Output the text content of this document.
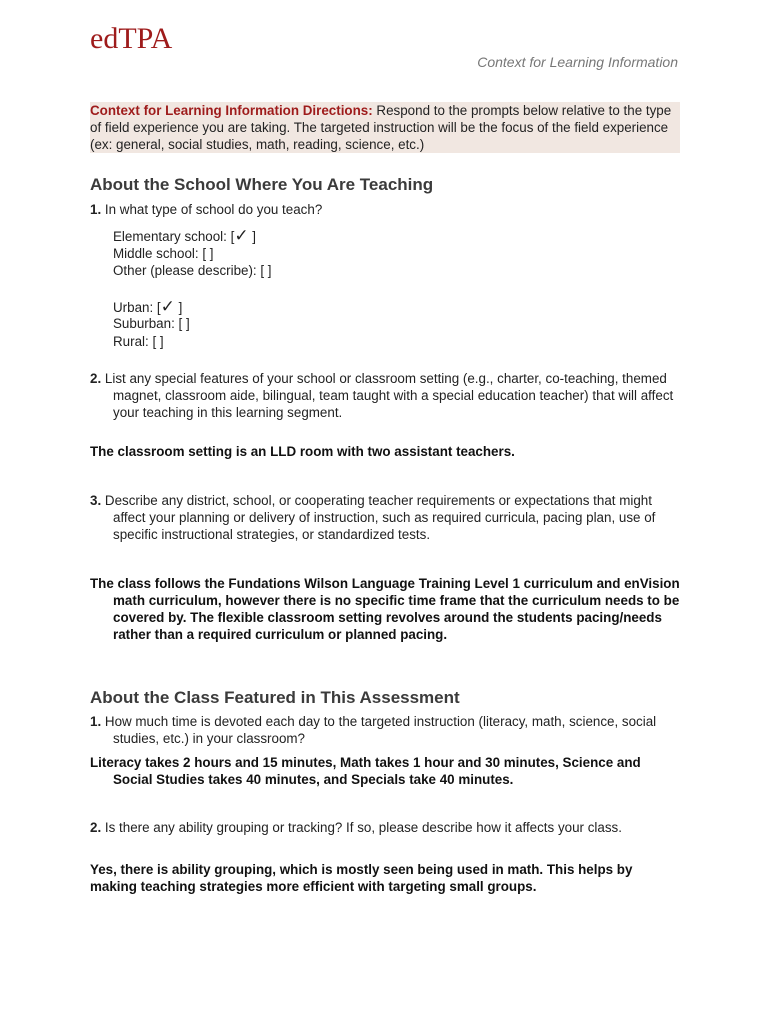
edTPA
Context for Learning Information

Context for Learning Information Directions: Respond to the prompts below relative to the type of field experience you are taking. The targeted instruction will be the focus of the field experience (ex: general, social studies, math, reading, science, etc.)

About the School Where You Are Teaching

1. In what type of school do you teach?

Elementary school: [✓ ]
Middle school: [ ]
Other (please describe): [ ]
Urban: [✓ ]
Suburban: [ ]
Rural: [ ]

2. List any special features of your school or classroom setting (e.g., charter, co-teaching, themed magnet, classroom aide, bilingual, team taught with a special education teacher) that will affect your teaching in this learning segment.

The classroom setting is an LLD room with two assistant teachers.

3. Describe any district, school, or cooperating teacher requirements or expectations that might affect your planning or delivery of instruction, such as required curricula, pacing plan, use of specific instructional strategies, or standardized tests.

The class follows the Fundations Wilson Language Training Level 1 curriculum and enVision math curriculum, however there is no specific time frame that the curriculum needs to be covered by. The flexible classroom setting revolves around the students pacing/needs rather than a required curriculum or planned pacing.

About the Class Featured in This Assessment

1. How much time is devoted each day to the targeted instruction (literacy, math, science, social studies, etc.) in your classroom?

Literacy takes 2 hours and 15 minutes, Math takes 1 hour and 30 minutes, Science and Social Studies takes 40 minutes, and Specials take 40 minutes.

2. Is there any ability grouping or tracking? If so, please describe how it affects your class.

Yes, there is ability grouping, which is mostly seen being used in math. This helps by making teaching strategies more efficient with targeting small groups.
